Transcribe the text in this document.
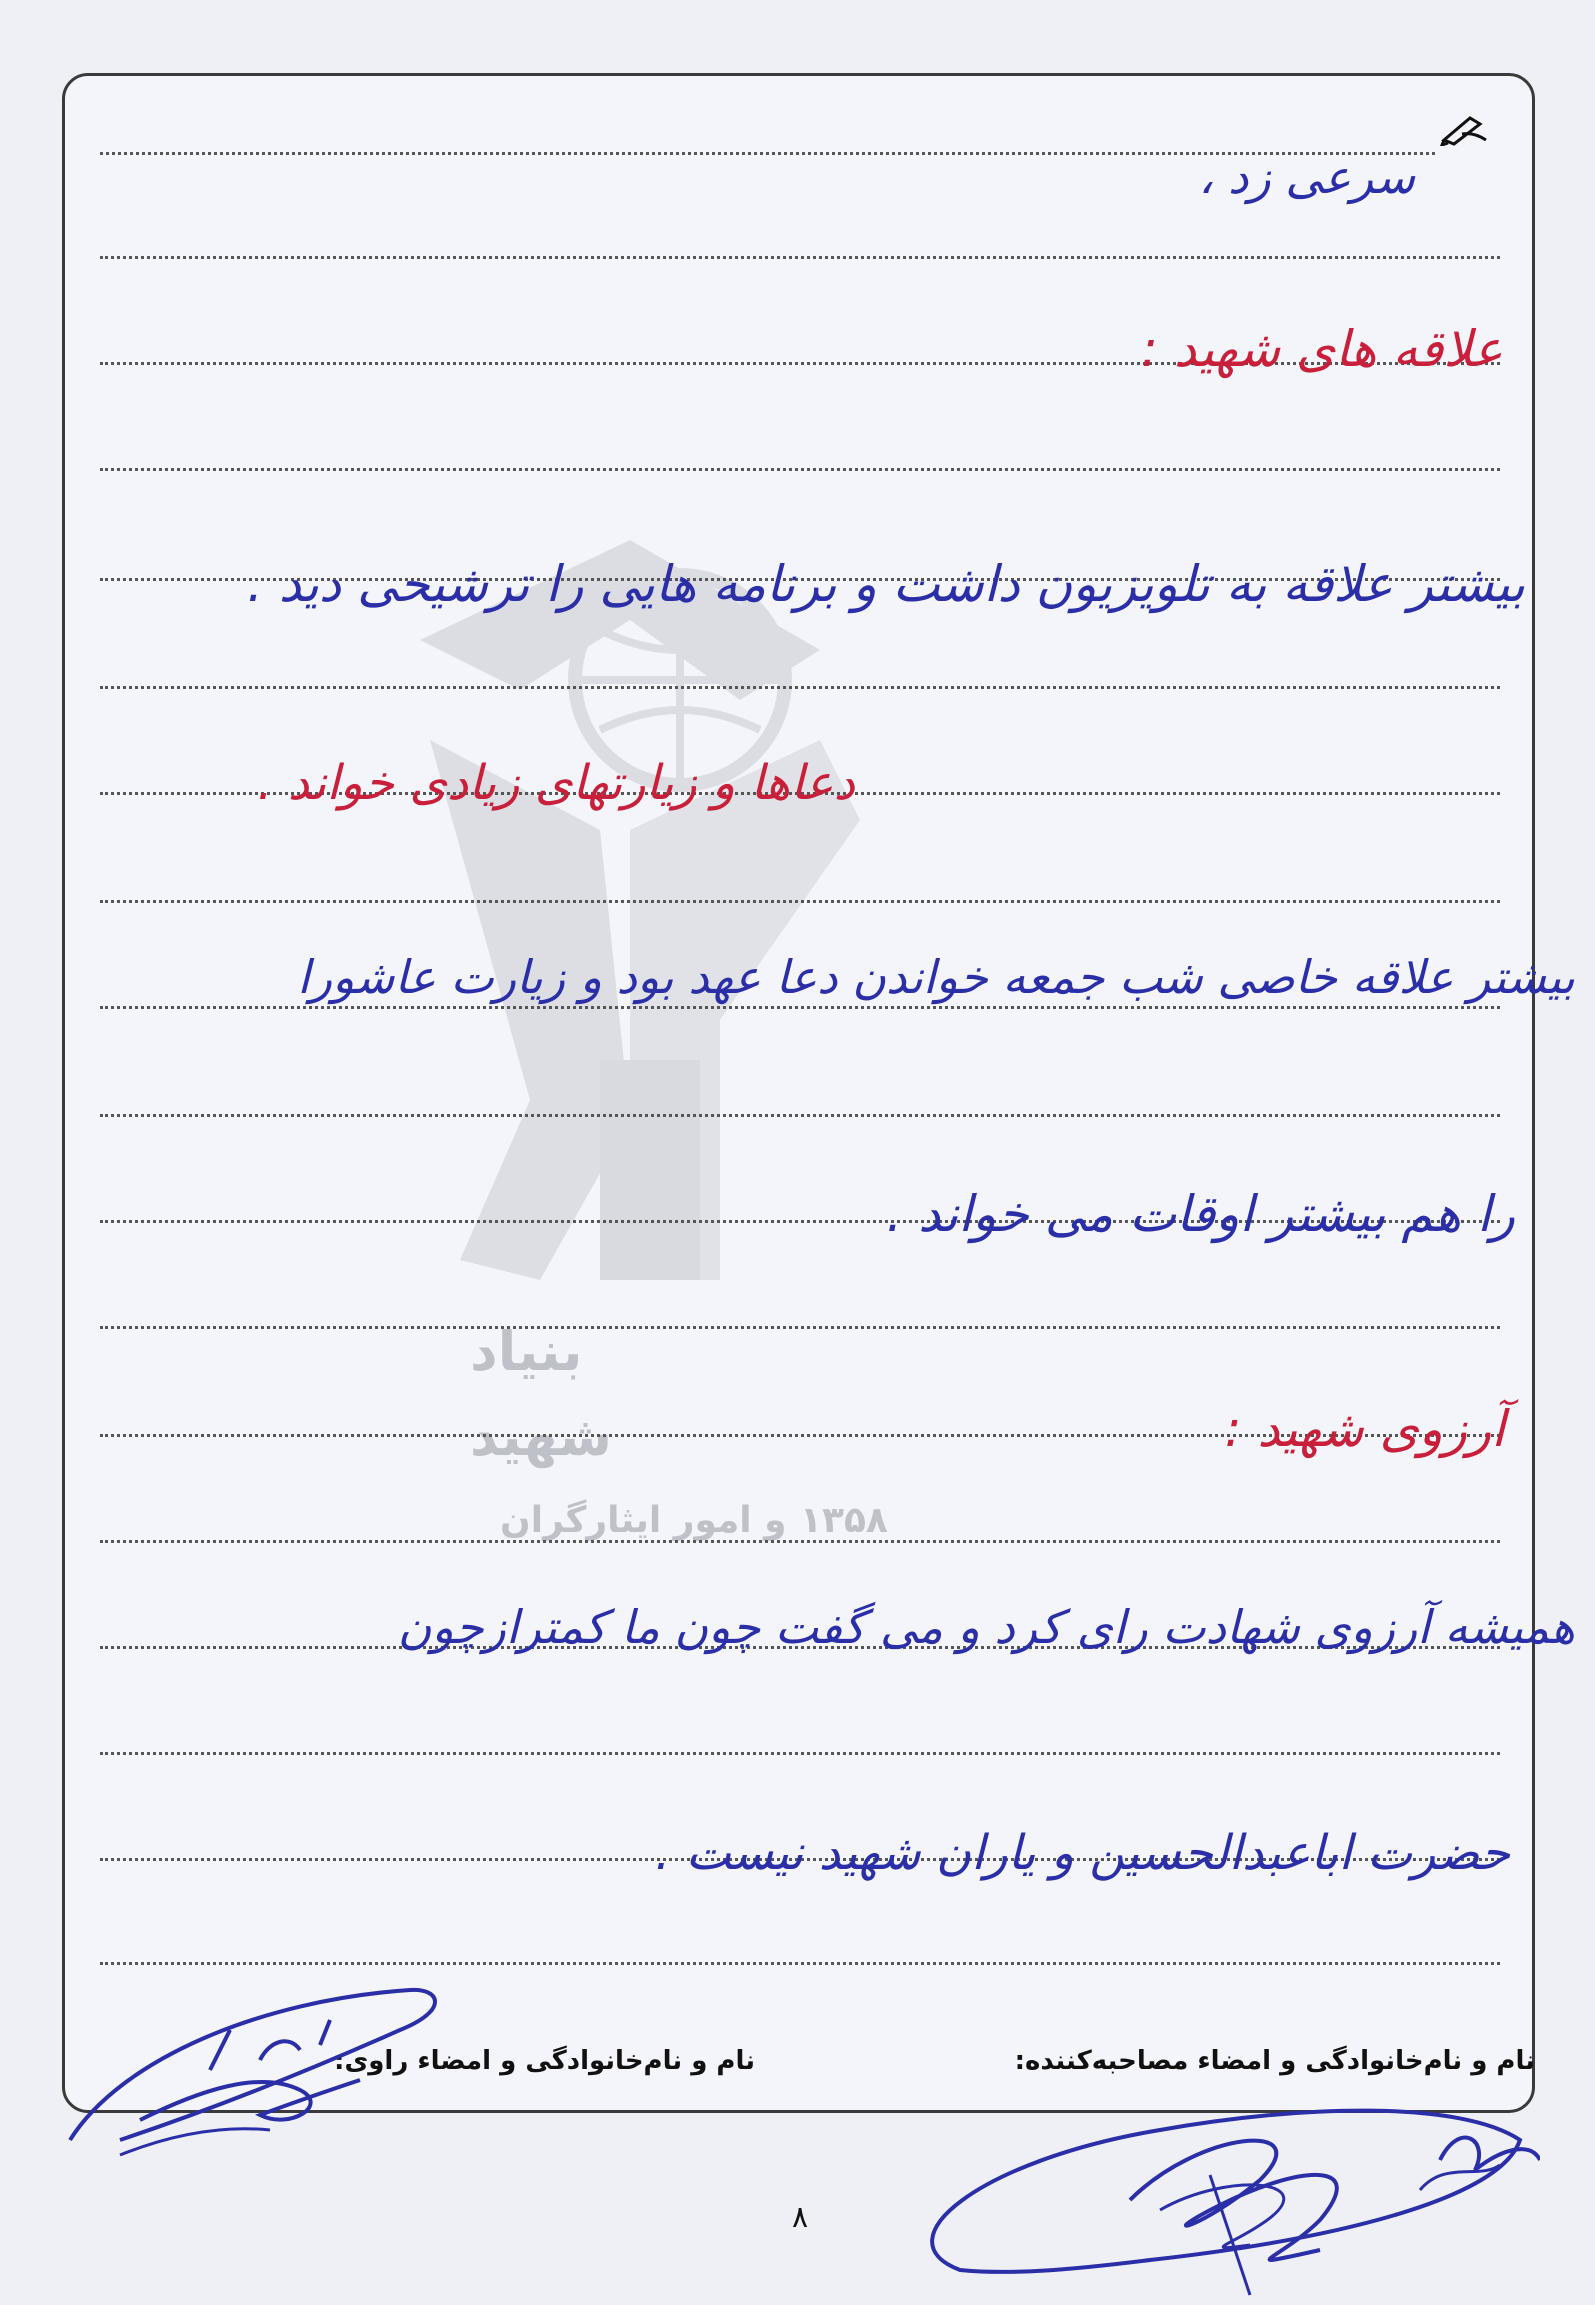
بنیاد
شهید
۱۳۵۸
و امور ایثارگران
سرعی زد ،
علاقه های شهید :
بیشتر علاقه به تلویزیون داشت و برنامه هایی را ترشیحی دید .
دعاها و زیارتهای زیادی خواند .
بیشتر علاقه خاصی شب جمعه خواندن دعا عهد بود و زیارت عاشورا
را هم بیشتر اوقات می خواند .
آرزوی شهید :
همیشه آرزوی شهادت رای کرد و می گفت چون ما کمترازچون
حضرت اباعبدالحسین و یاران شهید نیست .
نام و نام‌خانوادگی و امضاء مصاحبه‌کننده:
نام و نام‌خانوادگی و امضاء راوی:
۸
